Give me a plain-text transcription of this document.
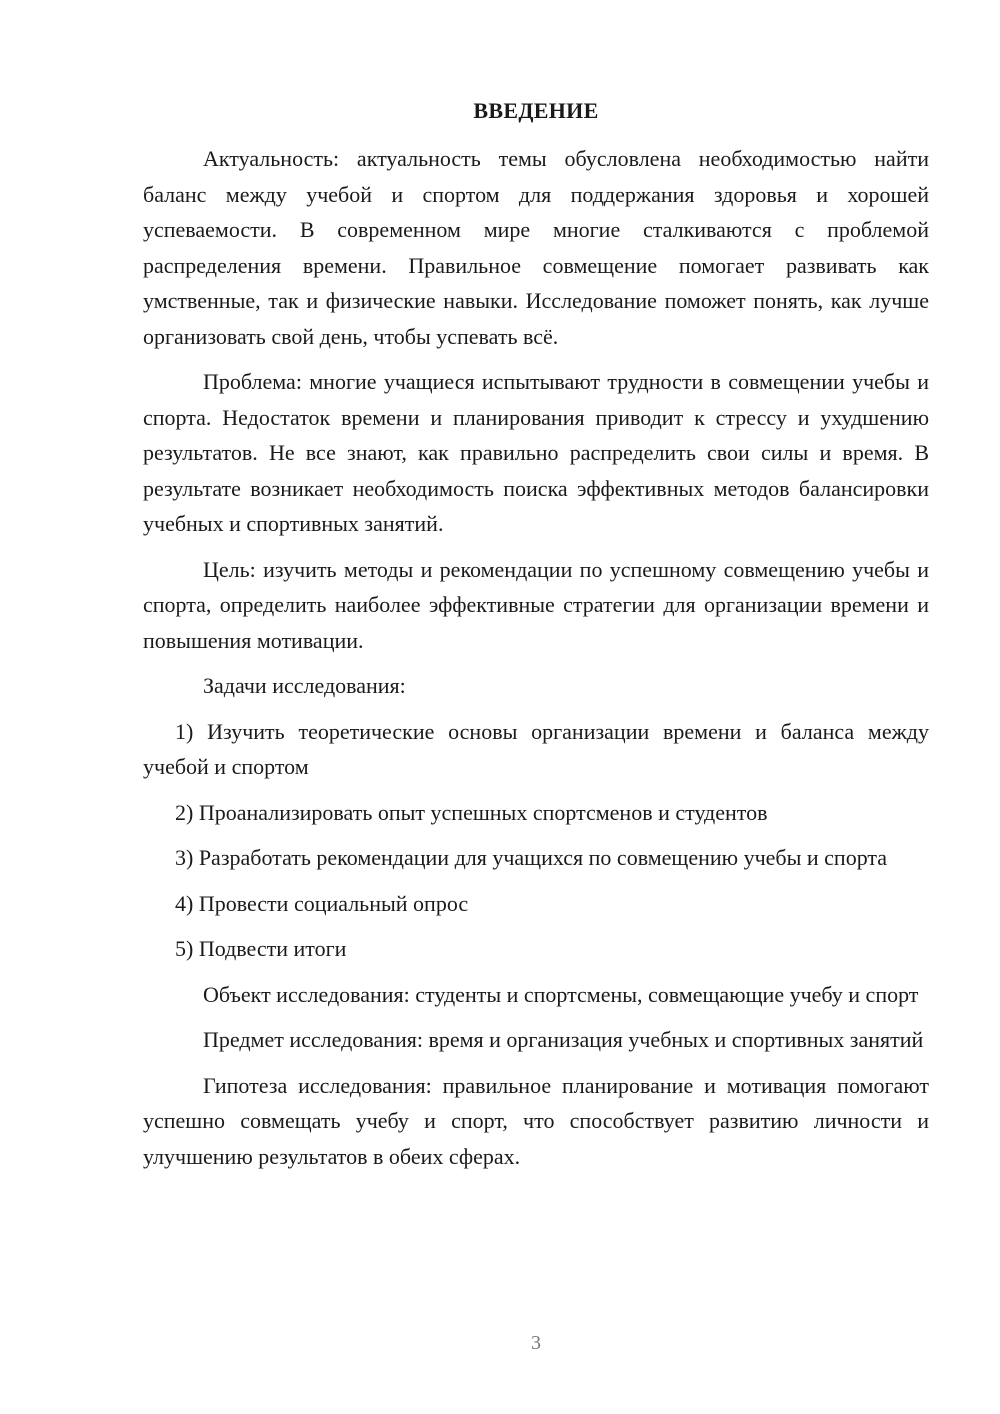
ВВЕДЕНИЕ

Актуальность: актуальность темы обусловлена необходимостью найти баланс между учебой и спортом для поддержания здоровья и хорошей успеваемости. В современном мире многие сталкиваются с проблемой распределения времени. Правильное совмещение помогает развивать как умственные, так и физические навыки. Исследование поможет понять, как лучше организовать свой день, чтобы успевать всё.

Проблема: многие учащиеся испытывают трудности в совмещении учебы и спорта. Недостаток времени и планирования приводит к стрессу и ухудшению результатов. Не все знают, как правильно распределить свои силы и время. В результате возникает необходимость поиска эффективных методов балансировки учебных и спортивных занятий.

Цель: изучить методы и рекомендации по успешному совмещению учебы и спорта, определить наиболее эффективные стратегии для организации времени и повышения мотивации.

Задачи исследования:

1) Изучить теоретические основы организации времени и баланса между учебой и спортом

2) Проанализировать опыт успешных спортсменов и студентов

3) Разработать рекомендации для учащихся по совмещению учебы и спорта

4) Провести социальный опрос

5) Подвести итоги

Объект исследования: студенты и спортсмены, совмещающие учебу и спорт

Предмет исследования: время и организация учебных и спортивных занятий

Гипотеза исследования: правильное планирование и мотивация помогают успешно совмещать учебу и спорт, что способствует развитию личности и улучшению результатов в обеих сферах.

3
